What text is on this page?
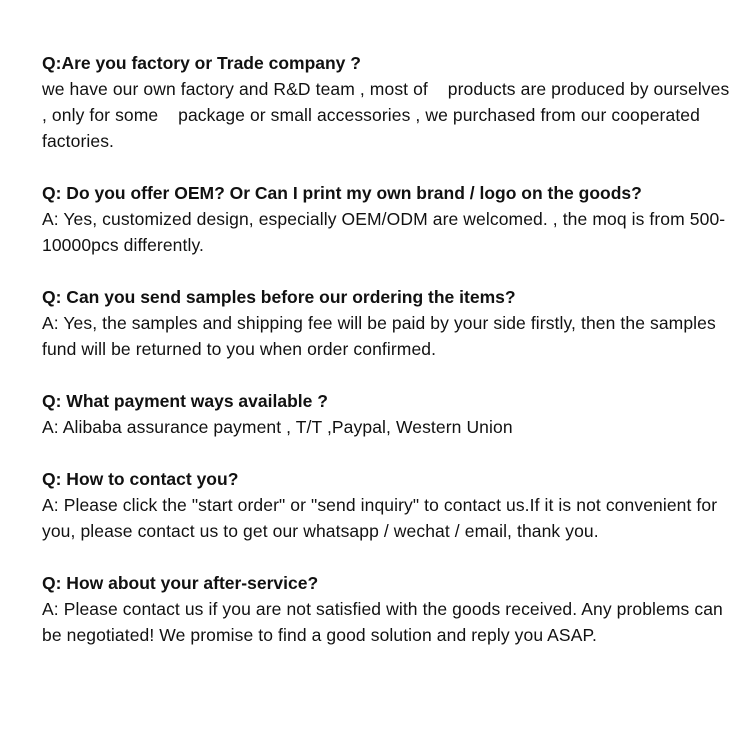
Q:Are you factory or Trade company ?

we have our own factory and R&D team , most of    products are produced by ourselves , only for some    package or small accessories , we purchased from our cooperated factories.

Q: Do you offer OEM? Or Can I print my own brand / logo on the goods?

A: Yes, customized design, especially OEM/ODM are welcomed. , the moq is from 500-10000pcs differently.

Q: Can you send samples before our ordering the items?

A: Yes, the samples and shipping fee will be paid by your side firstly, then the samples fund will be returned to you when order confirmed.

Q: What payment ways available ?

A: Alibaba assurance payment , T/T ,Paypal, Western Union

Q: How to contact you?

A: Please click the "start order" or "send inquiry" to contact us.If it is not convenient for you, please contact us to get our whatsapp / wechat / email, thank you.

Q: How about your after-service?

A: Please contact us if you are not satisfied with the goods received. Any problems can be negotiated! We promise to find a good solution and reply you ASAP.
